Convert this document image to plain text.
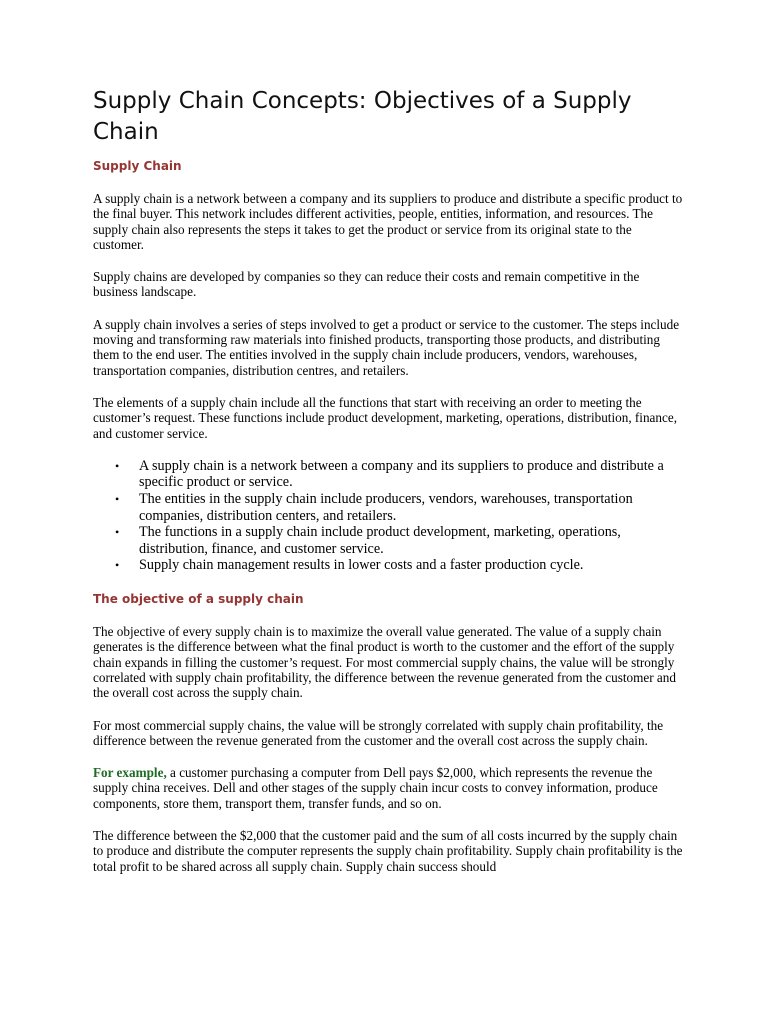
Supply Chain Concepts: Objectives of a Supply Chain
Supply Chain

A supply chain is a network between a company and its suppliers to produce and distribute a specific product to the final buyer. This network includes different activities, people, entities, information, and resources. The supply chain also represents the steps it takes to get the product or service from its original state to the customer.

Supply chains are developed by companies so they can reduce their costs and remain competitive in the business landscape.

A supply chain involves a series of steps involved to get a product or service to the customer. The steps include moving and transforming raw materials into finished products, transporting those products, and distributing them to the end user. The entities involved in the supply chain include producers, vendors, warehouses, transportation companies, distribution centres, and retailers.

The elements of a supply chain include all the functions that start with receiving an order to meeting the customer’s request. These functions include product development, marketing, operations, distribution, finance, and customer service.

• A supply chain is a network between a company and its suppliers to produce and distribute a specific product or service.
• The entities in the supply chain include producers, vendors, warehouses, transportation companies, distribution centers, and retailers.
• The functions in a supply chain include product development, marketing, operations, distribution, finance, and customer service.
• Supply chain management results in lower costs and a faster production cycle.
The objective of a supply chain

The objective of every supply chain is to maximize the overall value generated. The value of a supply chain generates is the difference between what the final product is worth to the customer and the effort of the supply chain expands in filling the customer’s request. For most commercial supply chains, the value will be strongly correlated with supply chain profitability, the difference between the revenue generated from the customer and the overall cost across the supply chain.

For most commercial supply chains, the value will be strongly correlated with supply chain profitability, the difference between the revenue generated from the customer and the overall cost across the supply chain.

For example, a customer purchasing a computer from Dell pays $2,000, which represents the revenue the supply china receives. Dell and other stages of the supply chain incur costs to convey information, produce components, store them, transport them, transfer funds, and so on.

The difference between the $2,000 that the customer paid and the sum of all costs incurred by the supply chain to produce and distribute the computer represents the supply chain profitability. Supply chain profitability is the total profit to be shared across all supply chain. Supply chain success should
